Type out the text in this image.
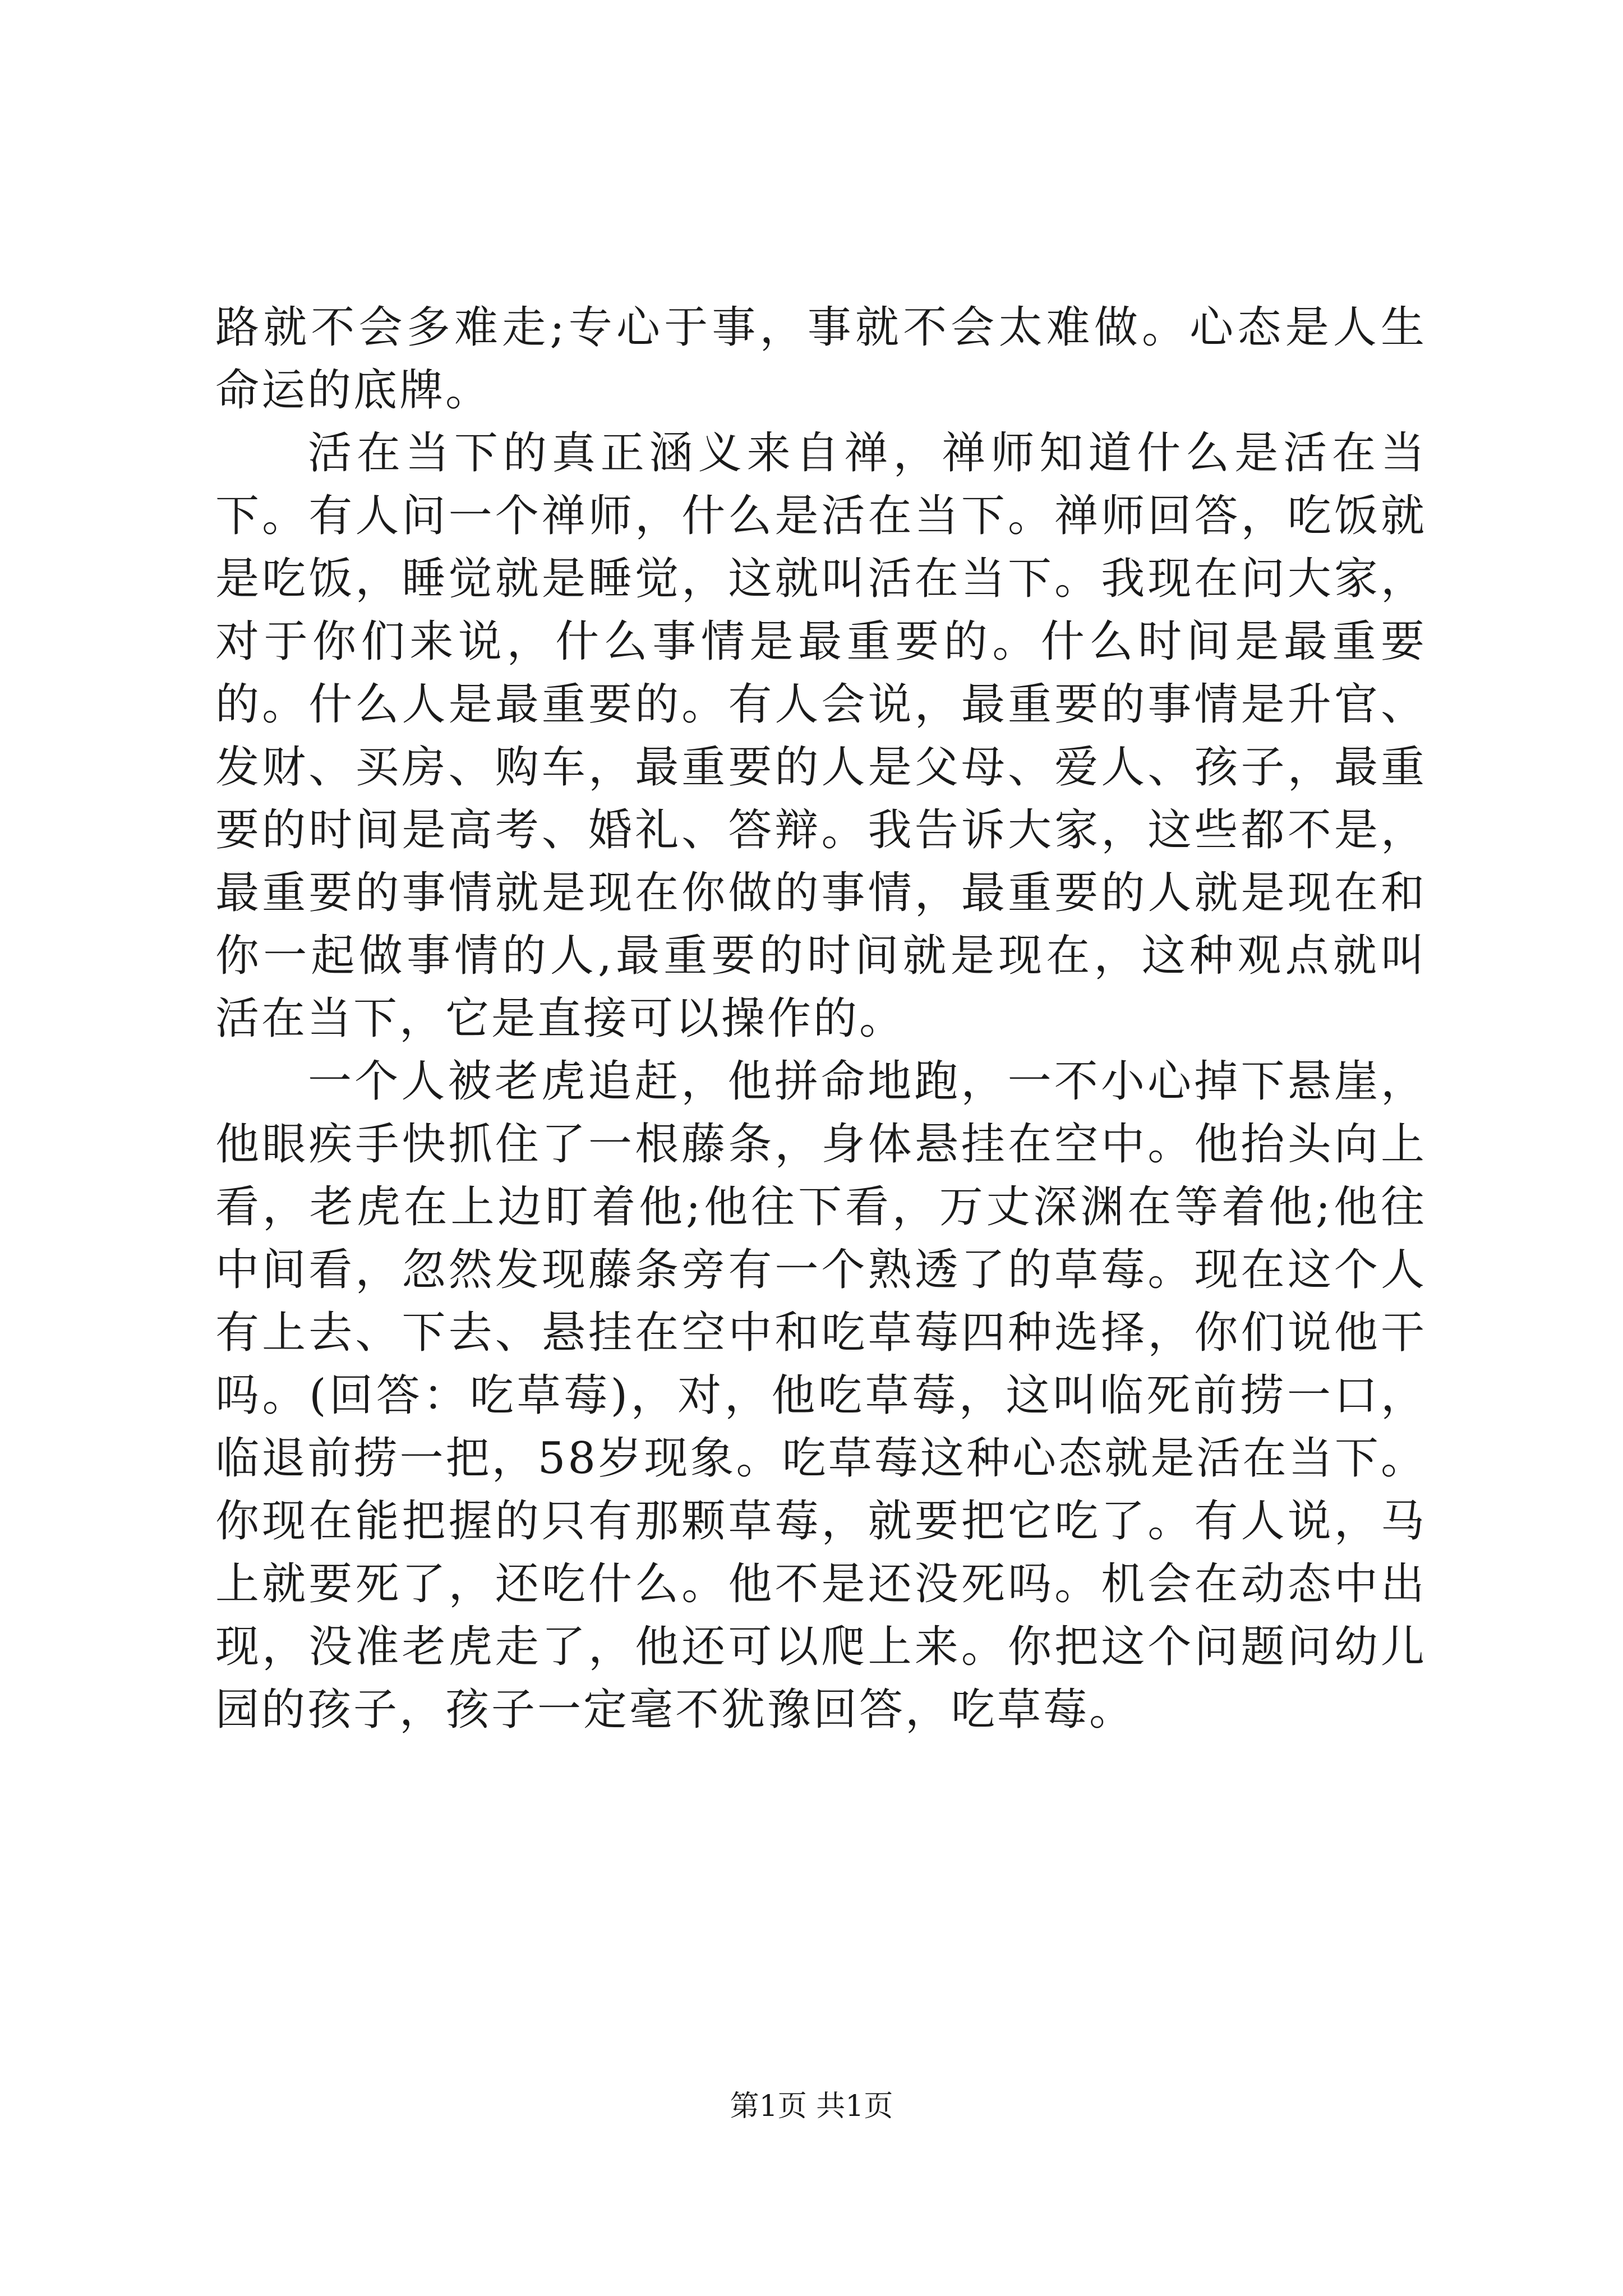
路就不会多难走;专心于事，事就不会太难做。心态是人生命运的底牌。

活在当下的真正涵义来自禅，禅师知道什么是活在当下。有人问一个禅师，什么是活在当下。禅师回答，吃饭就是吃饭，睡觉就是睡觉，这就叫活在当下。我现在问大家，对于你们来说，什么事情是最重要的。什么时间是最重要的。什么人是最重要的。有人会说，最重要的事情是升官、发财、买房、购车，最重要的人是父母、爱人、孩子，最重要的时间是高考、婚礼、答辩。我告诉大家，这些都不是，最重要的事情就是现在你做的事情，最重要的人就是现在和你一起做事情的人,最重要的时间就是现在，这种观点就叫活在当下，它是直接可以操作的。

一个人被老虎追赶，他拼命地跑，一不小心掉下悬崖，他眼疾手快抓住了一根藤条，身体悬挂在空中。他抬头向上看，老虎在上边盯着他;他往下看，万丈深渊在等着他;他往中间看，忽然发现藤条旁有一个熟透了的草莓。现在这个人有上去、下去、悬挂在空中和吃草莓四种选择，你们说他干吗。(回答：吃草莓)，对，他吃草莓，这叫临死前捞一口，临退前捞一把，58岁现象。吃草莓这种心态就是活在当下。你现在能把握的只有那颗草莓，就要把它吃了。有人说，马上就要死了，还吃什么。他不是还没死吗。机会在动态中出现，没准老虎走了，他还可以爬上来。你把这个问题问幼儿园的孩子，孩子一定毫不犹豫回答，吃草莓。

第1页 共1页
